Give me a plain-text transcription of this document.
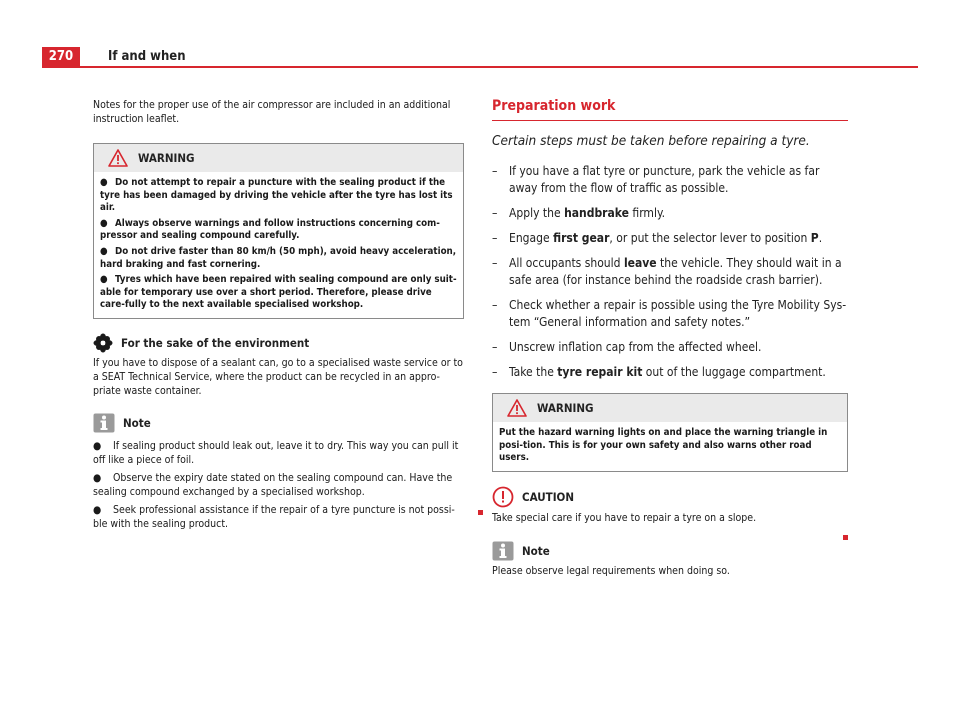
270	If and when

Notes for the proper use of the air compressor are included in an additional instruction leaflet.

WARNING

● Do not attempt to repair a puncture with the sealing product if the tyre has been damaged by driving the vehicle after the tyre has lost its air.

● Always observe warnings and follow instructions concerning com-pressor and sealing compound carefully.

● Do not drive faster than 80 km/h (50 mph), avoid heavy acceleration, hard braking and fast cornering.

● Tyres which have been repaired with sealing compound are only suit-able for temporary use over a short period. Therefore, please drive care-fully to the next available specialised workshop.

For the sake of the environment

If you have to dispose of a sealant can, go to a specialised waste service or to a SEAT Technical Service, where the product can be recycled in an appro-priate waste container.

Note

● If sealing product should leak out, leave it to dry. This way you can pull it off like a piece of foil.

● Observe the expiry date stated on the sealing compound can. Have the sealing compound exchanged by a specialised workshop.

● Seek professional assistance if the repair of a tyre puncture is not possi-ble with the sealing product.

Preparation work
Certain steps must be taken before repairing a tyre.
– If you have a flat tyre or puncture, park the vehicle as far away from the flow of traffic as possible.
– Apply the handbrake firmly.
– Engage first gear, or put the selector lever to position P.
– All occupants should leave the vehicle. They should wait in a safe area (for instance behind the roadside crash barrier).
– Check whether a repair is possible using the Tyre Mobility Sys-tem “General information and safety notes.”
– Unscrew inflation cap from the affected wheel.
– Take the tyre repair kit out of the luggage compartment.
WARNING

Put the hazard warning lights on and place the warning triangle in posi-tion. This is for your own safety and also warns other road users.

CAUTION

Take special care if you have to repair a tyre on a slope.

Note

Please observe legal requirements when doing so.
